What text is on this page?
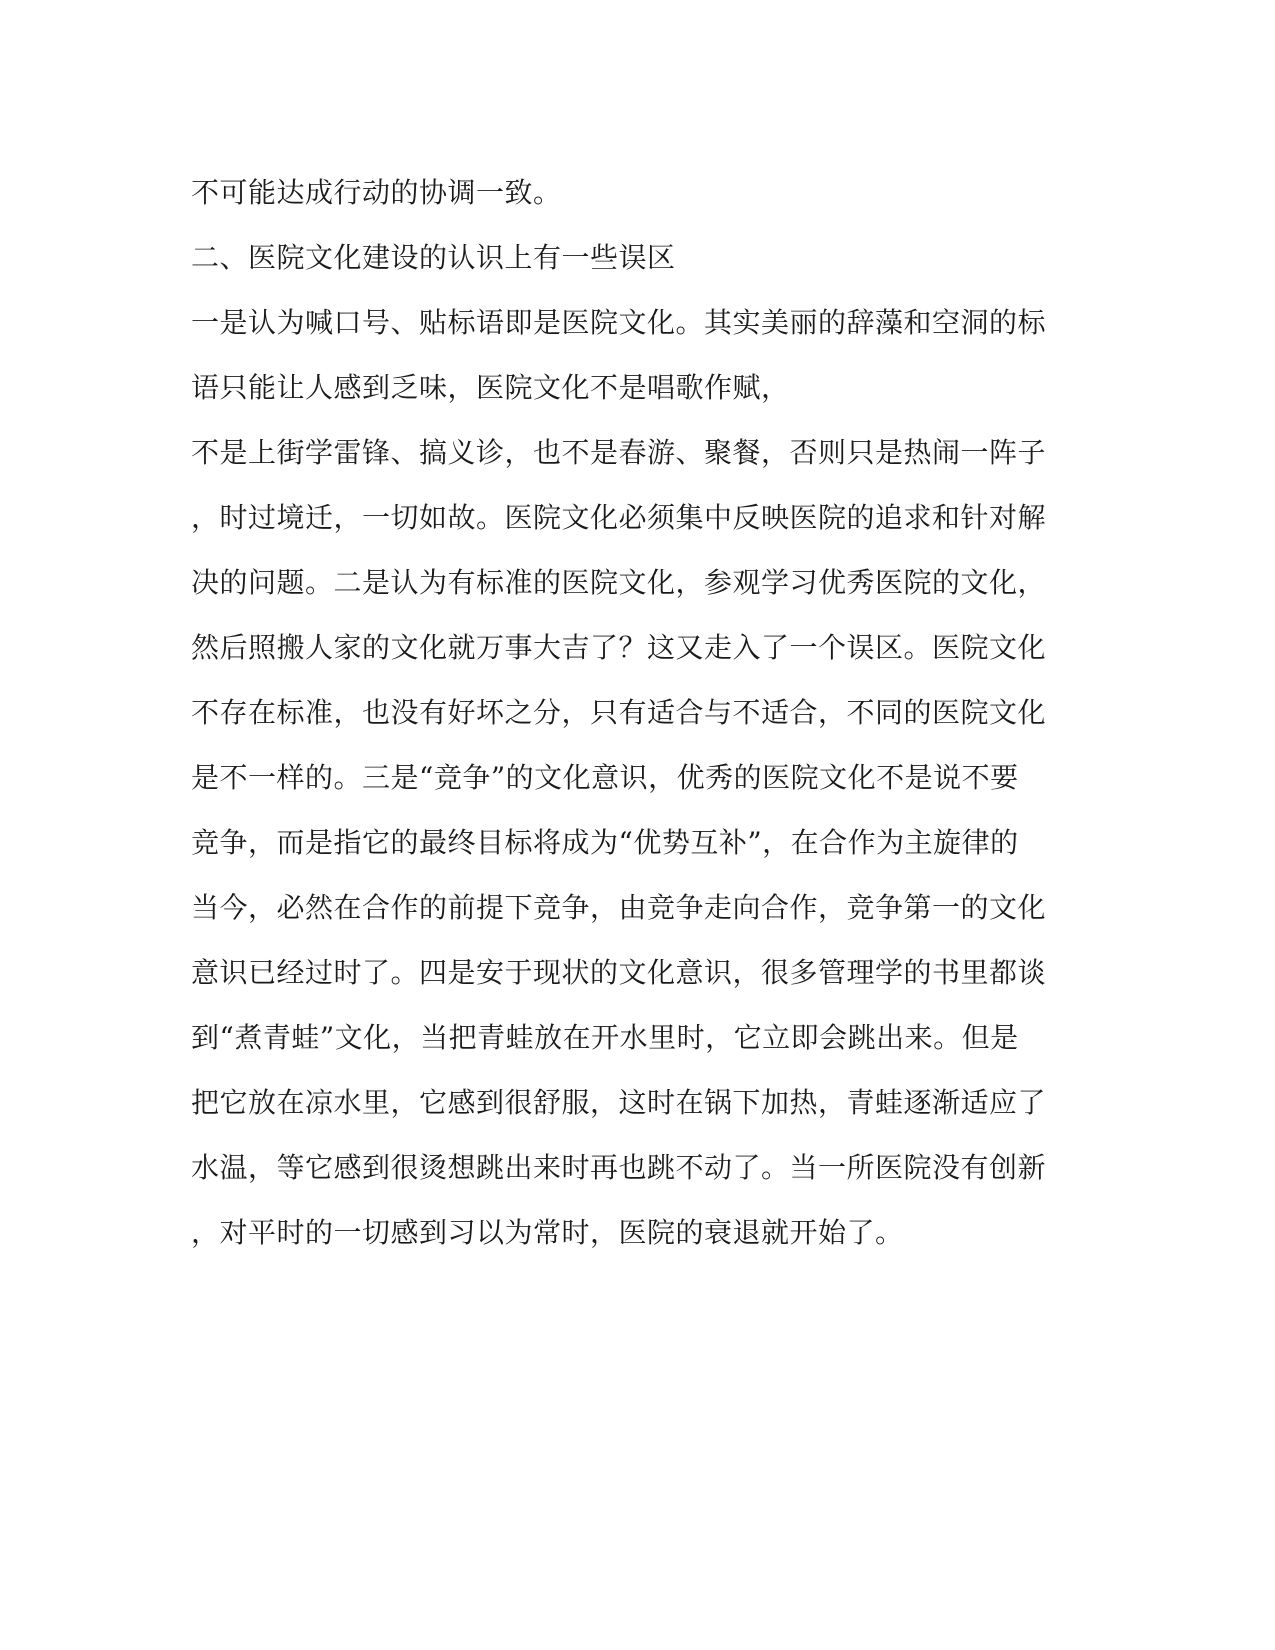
不可能达成行动的协调一致。
二、医院文化建设的认识上有一些误区
一是认为喊口号、贴标语即是医院文化。其实美丽的辞藻和空洞的标
语只能让人感到乏味，医院文化不是唱歌作赋，
不是上街学雷锋、搞义诊，也不是春游、聚餐，否则只是热闹一阵子
，时过境迁，一切如故。医院文化必须集中反映医院的追求和针对解
决的问题。二是认为有标准的医院文化，参观学习优秀医院的文化，
然后照搬人家的文化就万事大吉了？这又走入了一个误区。医院文化
不存在标准，也没有好坏之分，只有适合与不适合，不同的医院文化
是不一样的。三是“竞争”的文化意识，优秀的医院文化不是说不要
竞争，而是指它的最终目标将成为“优势互补”，在合作为主旋律的
当今，必然在合作的前提下竞争，由竞争走向合作，竞争第一的文化
意识已经过时了。四是安于现状的文化意识，很多管理学的书里都谈
到“煮青蛙”文化，当把青蛙放在开水里时，它立即会跳出来。但是
把它放在凉水里，它感到很舒服，这时在锅下加热，青蛙逐渐适应了
水温，等它感到很烫想跳出来时再也跳不动了。当一所医院没有创新
，对平时的一切感到习以为常时，医院的衰退就开始了。
